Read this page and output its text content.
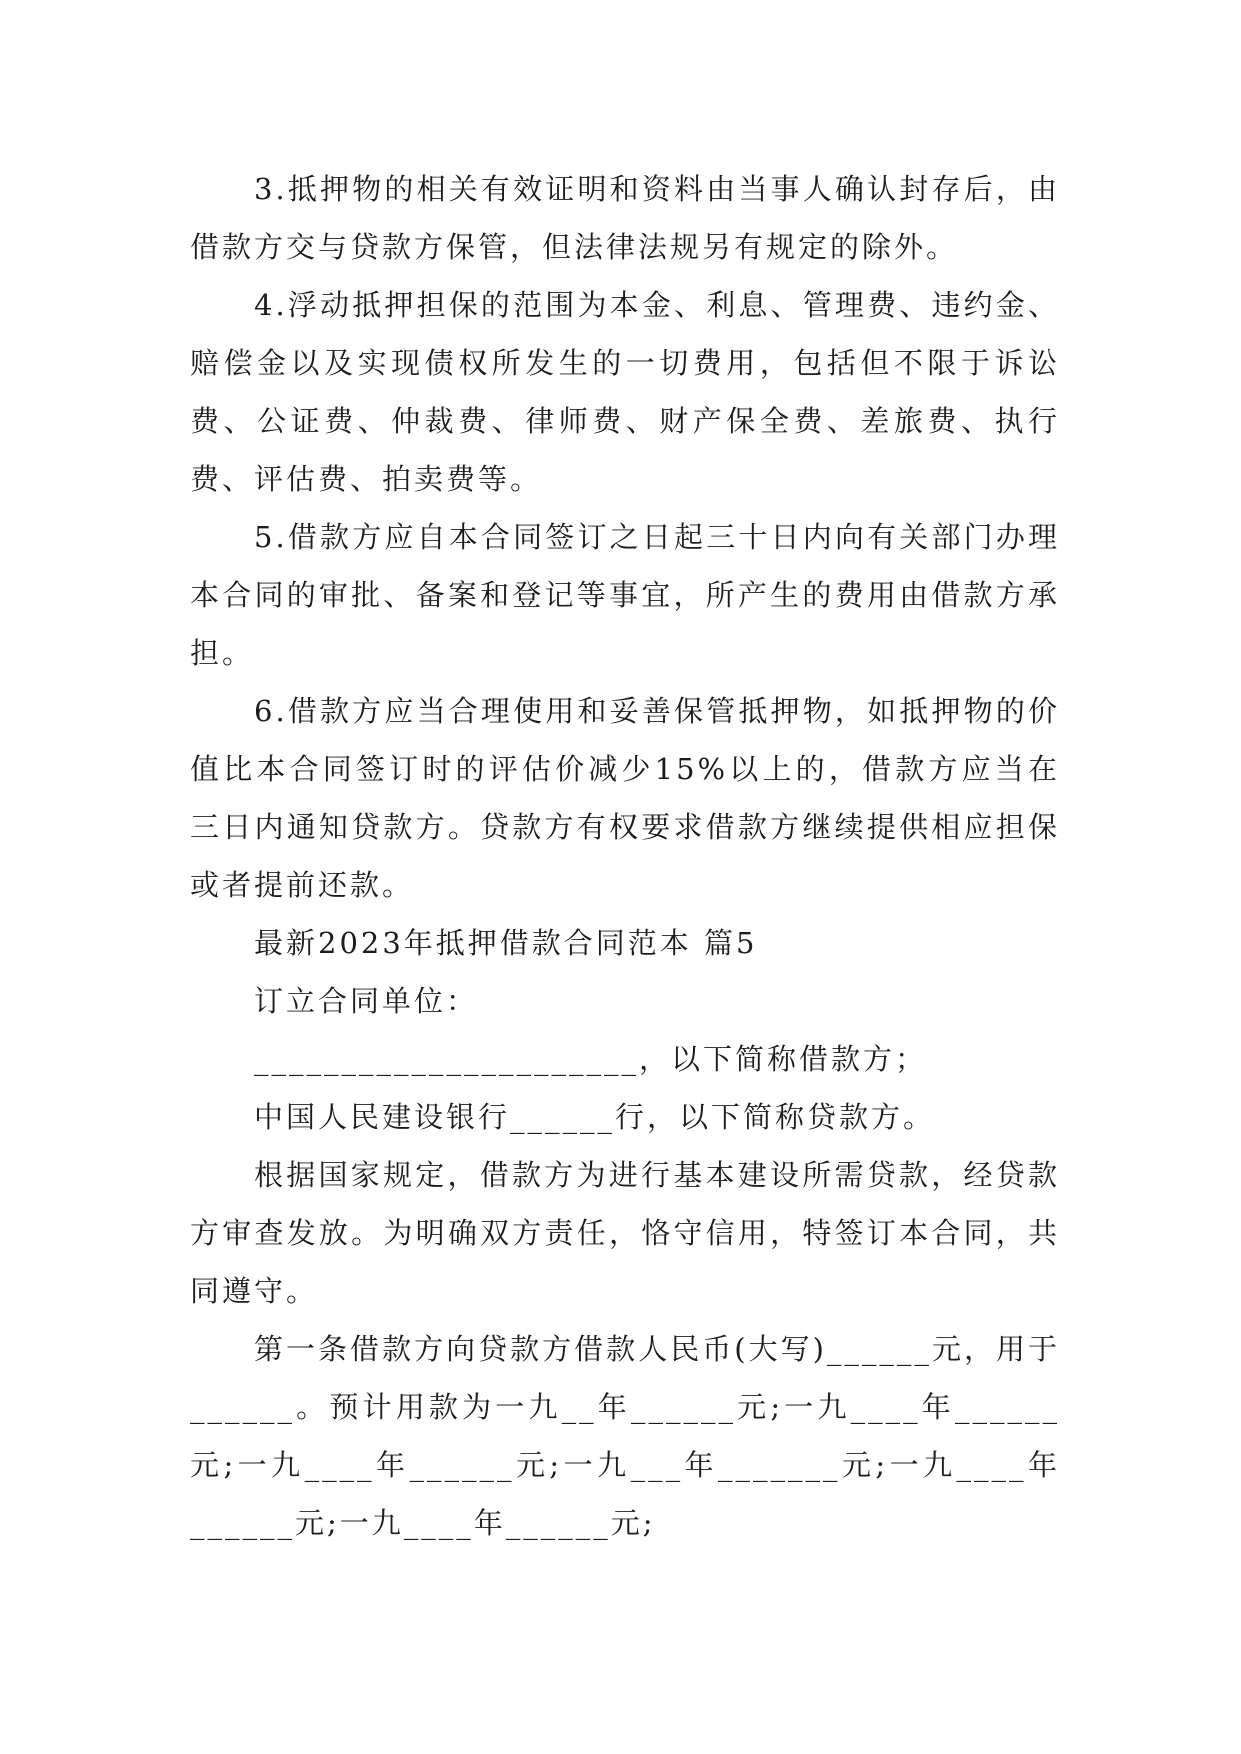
3.抵押物的相关有效证明和资料由当事人确认封存后，由借款方交与贷款方保管，但法律法规另有规定的除外。

4.浮动抵押担保的范围为本金、利息、管理费、违约金、赔偿金以及实现债权所发生的一切费用，包括但不限于诉讼费、公证费、仲裁费、律师费、财产保全费、差旅费、执行费、评估费、拍卖费等。

5.借款方应自本合同签订之日起三十日内向有关部门办理本合同的审批、备案和登记等事宜，所产生的费用由借款方承担。

6.借款方应当合理使用和妥善保管抵押物，如抵押物的价值比本合同签订时的评估价减少15%以上的，借款方应当在三日内通知贷款方。贷款方有权要求借款方继续提供相应担保或者提前还款。

最新2023年抵押借款合同范本 篇5

订立合同单位：

______________________，以下简称借款方；

中国人民建设银行______行，以下简称贷款方。

根据国家规定，借款方为进行基本建设所需贷款，经贷款方审查发放。为明确双方责任，恪守信用，特签订本合同，共同遵守。

第一条借款方向贷款方借款人民币(大写)______元，用于______。预计用款为一九__年______元;一九____年______元;一九____年______元;一九___年_______元;一九____年______元;一九____年______元;
